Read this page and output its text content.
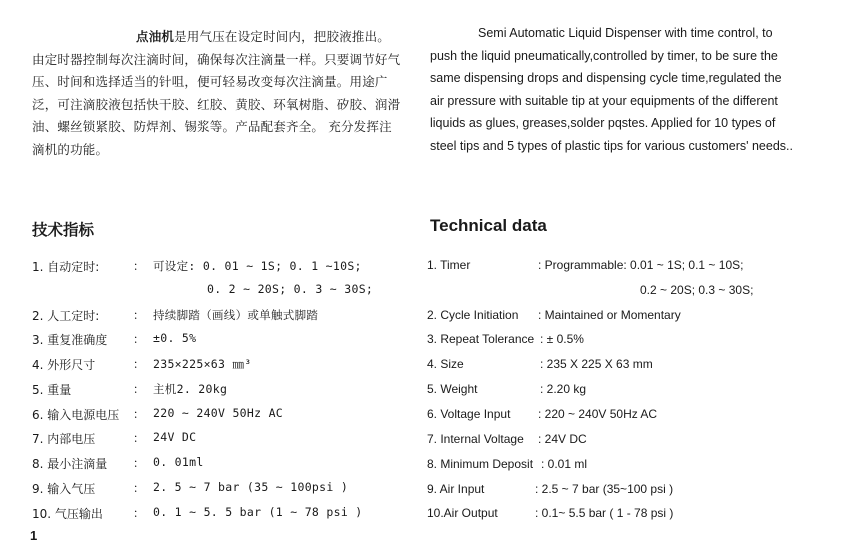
点油机是用气压在设定时间内，把胶液推出。由定时器控制每次注滴时间，确保每次注滴量一样。只要调节好气压、时间和选择适当的针咀，便可轻易改变每次注滴量。用途广泛，可注滴胶液包括快干胶、红胶、黄胶、环氧树脂、矽胶、润滑油、螺丝锁紧胶、防焊剂、锡浆等。产品配套齐全。 充分发挥注滴机的功能。

技术指标
1. 自动定时:	： 可设定: 0. 01 ~ 1S; 0. 1 ~10S;
0. 2 ~ 20S; 0. 3 ~ 30S;
2. 人工定时:	： 持续脚踏（画线）或单触式脚踏
3. 重复准确度 ： ±0. 5%
4. 外形尺寸	： 235×225×63 ㎜³
5. 重量	： 主机2. 20kg
6. 输入电源电压 ： 220 ~ 240V 50Hz AC
7. 内部电压	： 24V DC
8. 最小注滴量 ： 0. 01ml
9. 输入气压	： 2. 5 ~ 7 bar (35 ~ 100psi )
10. 气压输出	： 0. 1 ~ 5. 5 bar (1 ~ 78 psi )

Semi Automatic Liquid Dispenser with time control, to
push the liquid pneumatically,controlled by timer, to be sure the
same dispensing drops and dispensing cycle time,regulated the
air pressure with suitable tip at your equipments of the different
liquids as glues, greases,solder pqstes. Applied for 10 types of
steel tips and 5 types of plastic tips for various customers' needs..

Technical data
1. Timer	: Programmable: 0.01 ~ 1S; 0.1 ~ 10S;
0.2 ~ 20S; 0.3 ~ 30S;
2. Cycle Initiation : Maintained or Momentary
3. Repeat Tolerance : ± 0.5%
4. Size	: 235 X 225 X 63 mm
5. Weight	: 2.20 kg
6. Voltage Input : 220 ~ 240V 50Hz AC
7. Internal Voltage : 24V DC
8. Minimum Deposit : 0.01 ml
9. Air Input	: 2.5 ~ 7 bar (35~100 psi )
10.Air Output	: 0.1~ 5.5 bar ( 1 - 78 psi )
1
